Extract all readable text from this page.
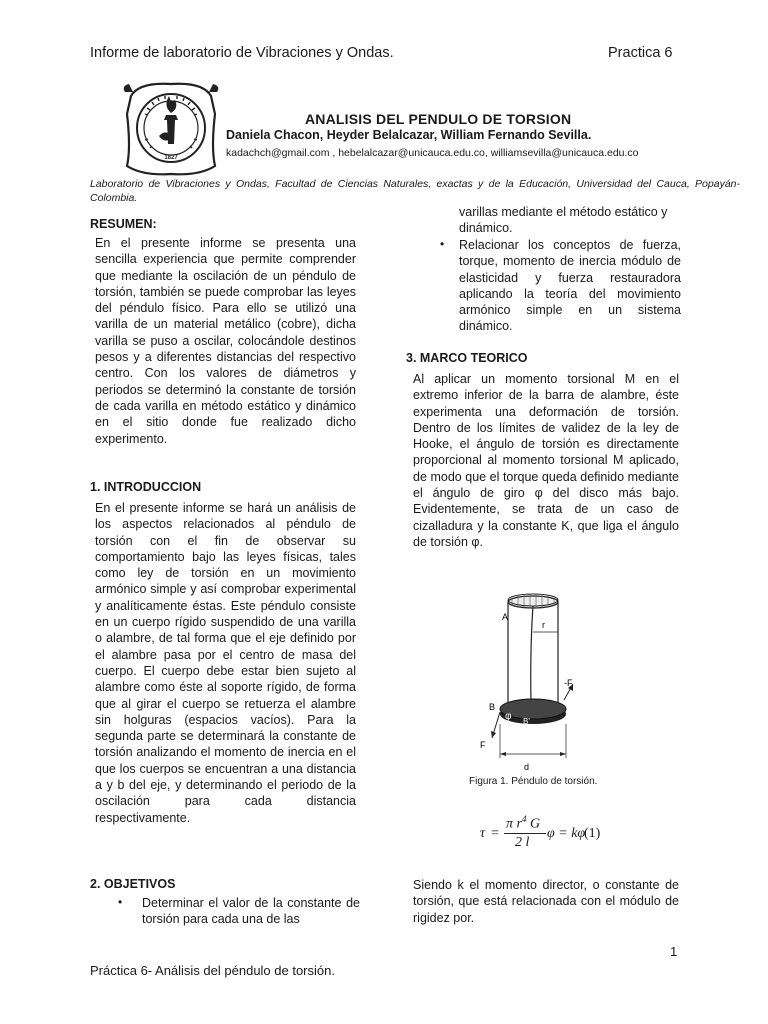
Informe de laboratorio de Vibraciones y Ondas.	Practica 6
1827
ANALISIS DEL PENDULO DE TORSION
Daniela Chacon, Heyder Belalcazar, William Fernando Sevilla.
kadachch@gmail.com , hebelalcazar@unicauca.edu.co, williamsevilla@unicauca.edu.co
Laboratorio de Vibraciones y Ondas, Facultad de Ciencias Naturales, exactas y de la Educación, Universidad del Cauca, Popayán-Colombia.
RESUMEN:
En el presente informe se presenta una sencilla experiencia que permite comprender que mediante la oscilación de un péndulo de torsión, también se puede comprobar las leyes del péndulo físico. Para ello se utilizó una varilla de un material metálico (cobre), dicha varilla se puso a oscilar, colocándole destinos pesos y a diferentes distancias del respectivo centro. Con los valores de diámetros y periodos se determinó la constante de torsión de cada varilla en método estático y dinámico en el sitio donde fue realizado dicho experimento.
1. INTRODUCCION
En el presente informe se hará un análisis de los aspectos relacionados al péndulo de torsión con el fin de observar su comportamiento bajo las leyes físicas, tales como ley de torsión en un movimiento armónico simple y así comprobar experimental y analíticamente éstas. Este péndulo consiste en un cuerpo rígido suspendido de una varilla o alambre, de tal forma que el eje definido por el alambre pasa por el centro de masa del cuerpo. El cuerpo debe estar bien sujeto al alambre como éste al soporte rígido, de forma que al girar el cuerpo se retuerza el alambre sin holguras (espacios vacíos). Para la segunda parte se determinará la constante de torsión analizando el momento de inercia en el que los cuerpos se encuentran a una distancia a y b del eje, y determinando el periodo de la oscilación para cada distancia respectivamente.
2. OBJETIVOS
• Determinar el valor de la constante de torsión para cada una de las
varillas mediante el método estático y dinámico.
• Relacionar los conceptos de fuerza, torque, momento de inercia módulo de elasticidad y fuerza restauradora aplicando la teoría del movimiento armónico simple en un sistema dinámico.
3. MARCO TEORICO
Al aplicar un momento torsional M en el extremo inferior de la barra de alambre, éste experimenta una deformación de torsión. Dentro de los límites de validez de la ley de Hooke, el ángulo de torsión es directamente proporcional al momento torsional M aplicado, de modo que el torque queda definido mediante el ángulo de giro φ del disco más bajo. Evidentemente, se trata de un caso de cizalladura y la constante K, que liga el ángulo de torsión φ.
A
r
-F
B
φ B'
F
d
Figura 1. Péndulo de torsión.
τ =
π $r^4$ G
2 l
φ = kφ
(1)
Siendo k el momento director, o constante de torsión, que está relacionada con el módulo de rigidez por.
1
Práctica 6- Análisis del péndulo de torsión.
